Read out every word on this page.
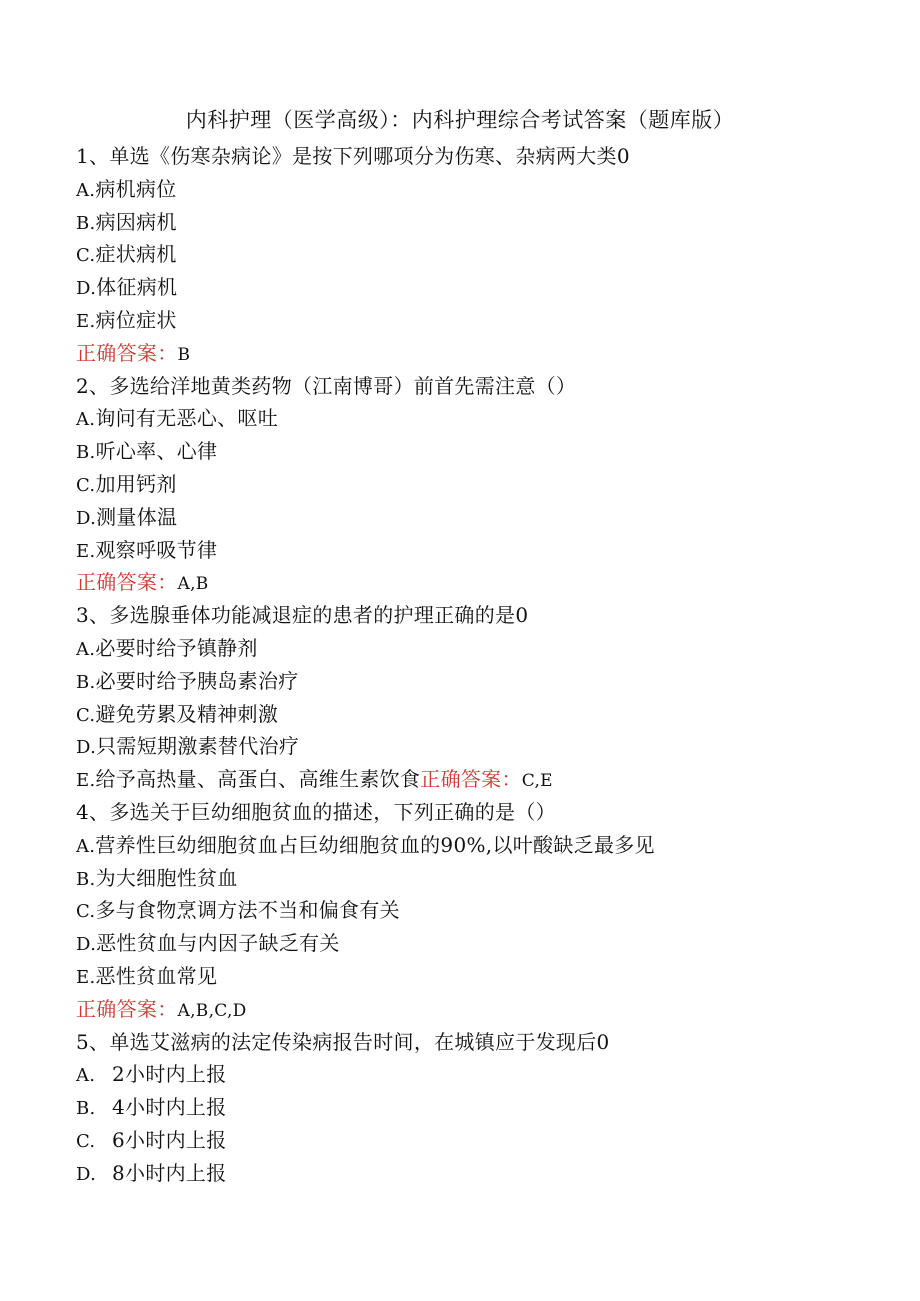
内科护理（医学高级）：内科护理综合考试答案（题库版）
1、单选《伤寒杂病论》是按下列哪项分为伤寒、杂病两大类0
A.病机病位
B.病因病机
C.症状病机
D.体征病机
E.病位症状
正确答案：B
2、多选给洋地黄类药物（江南博哥）前首先需注意（）
A.询问有无恶心、呕吐
B.听心率、心律
C.加用钙剂
D.测量体温
E.观察呼吸节律
正确答案：A,B
3、多选腺垂体功能减退症的患者的护理正确的是0
A.必要时给予镇静剂
B.必要时给予胰岛素治疗
C.避免劳累及精神刺激
D.只需短期激素替代治疗
E.给予高热量、高蛋白、高维生素饮食正确答案：C,E
4、多选关于巨幼细胞贫血的描述，下列正确的是（）
A.营养性巨幼细胞贫血占巨幼细胞贫血的90%,以叶酸缺乏最多见
B.为大细胞性贫血
C.多与食物烹调方法不当和偏食有关
D.恶性贫血与内因子缺乏有关
E.恶性贫血常见
正确答案：A,B,C,D
5、单选艾滋病的法定传染病报告时间，在城镇应于发现后0
A. 2小时内上报
B. 4小时内上报
C. 6小时内上报
D. 8小时内上报
